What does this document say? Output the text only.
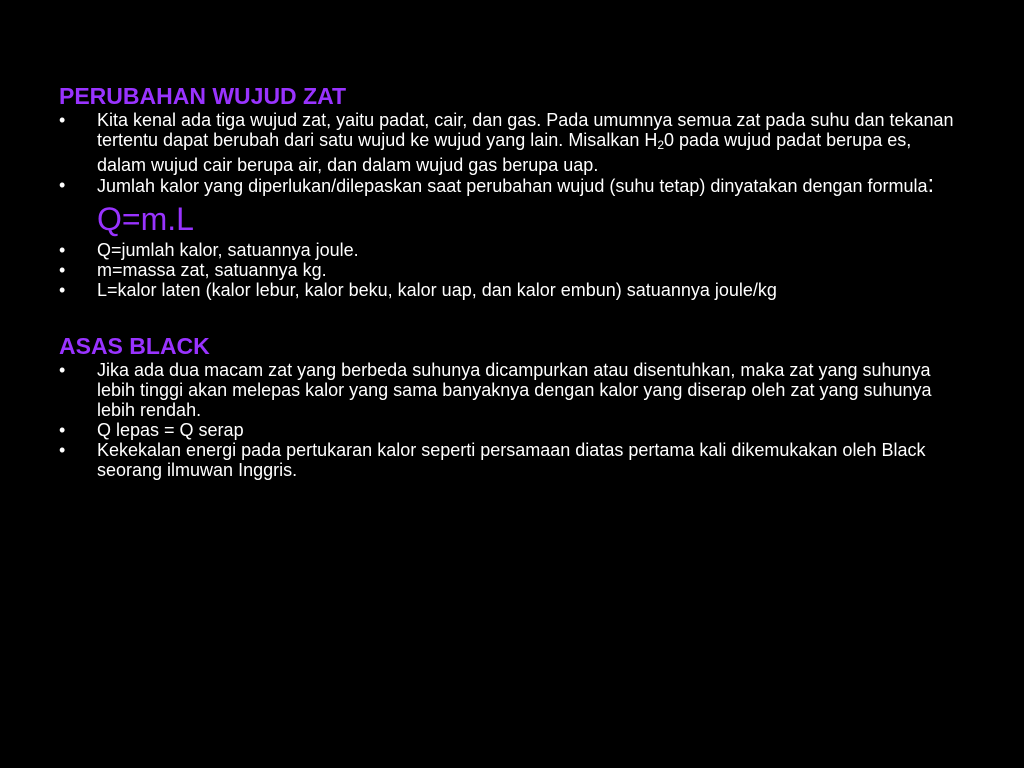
PERUBAHAN WUJUD ZAT
• Kita kenal ada tiga wujud zat, yaitu padat, cair, dan gas. Pada umumnya semua zat pada suhu dan tekanan tertentu dapat berubah dari satu wujud ke wujud yang lain. Misalkan $H_20$ pada wujud padat berupa es, dalam wujud cair berupa air, dan dalam wujud gas berupa uap.
• Jumlah kalor yang diperlukan/dilepaskan saat perubahan wujud (suhu tetap) dinyatakan dengan formula:
Q=m.L
• Q=jumlah kalor, satuannya joule.
• m=massa zat, satuannya kg.
• L=kalor laten (kalor lebur, kalor beku, kalor uap, dan kalor embun) satuannya joule/kg
ASAS BLACK
• Jika ada dua macam zat yang berbeda suhunya dicampurkan atau disentuhkan, maka zat yang suhunya lebih tinggi akan melepas kalor yang sama banyaknya dengan kalor yang diserap oleh zat yang suhunya lebih rendah.
• Q lepas = Q serap
• Kekekalan energi pada pertukaran kalor seperti persamaan diatas pertama kali dikemukakan oleh Black seorang ilmuwan Inggris.
